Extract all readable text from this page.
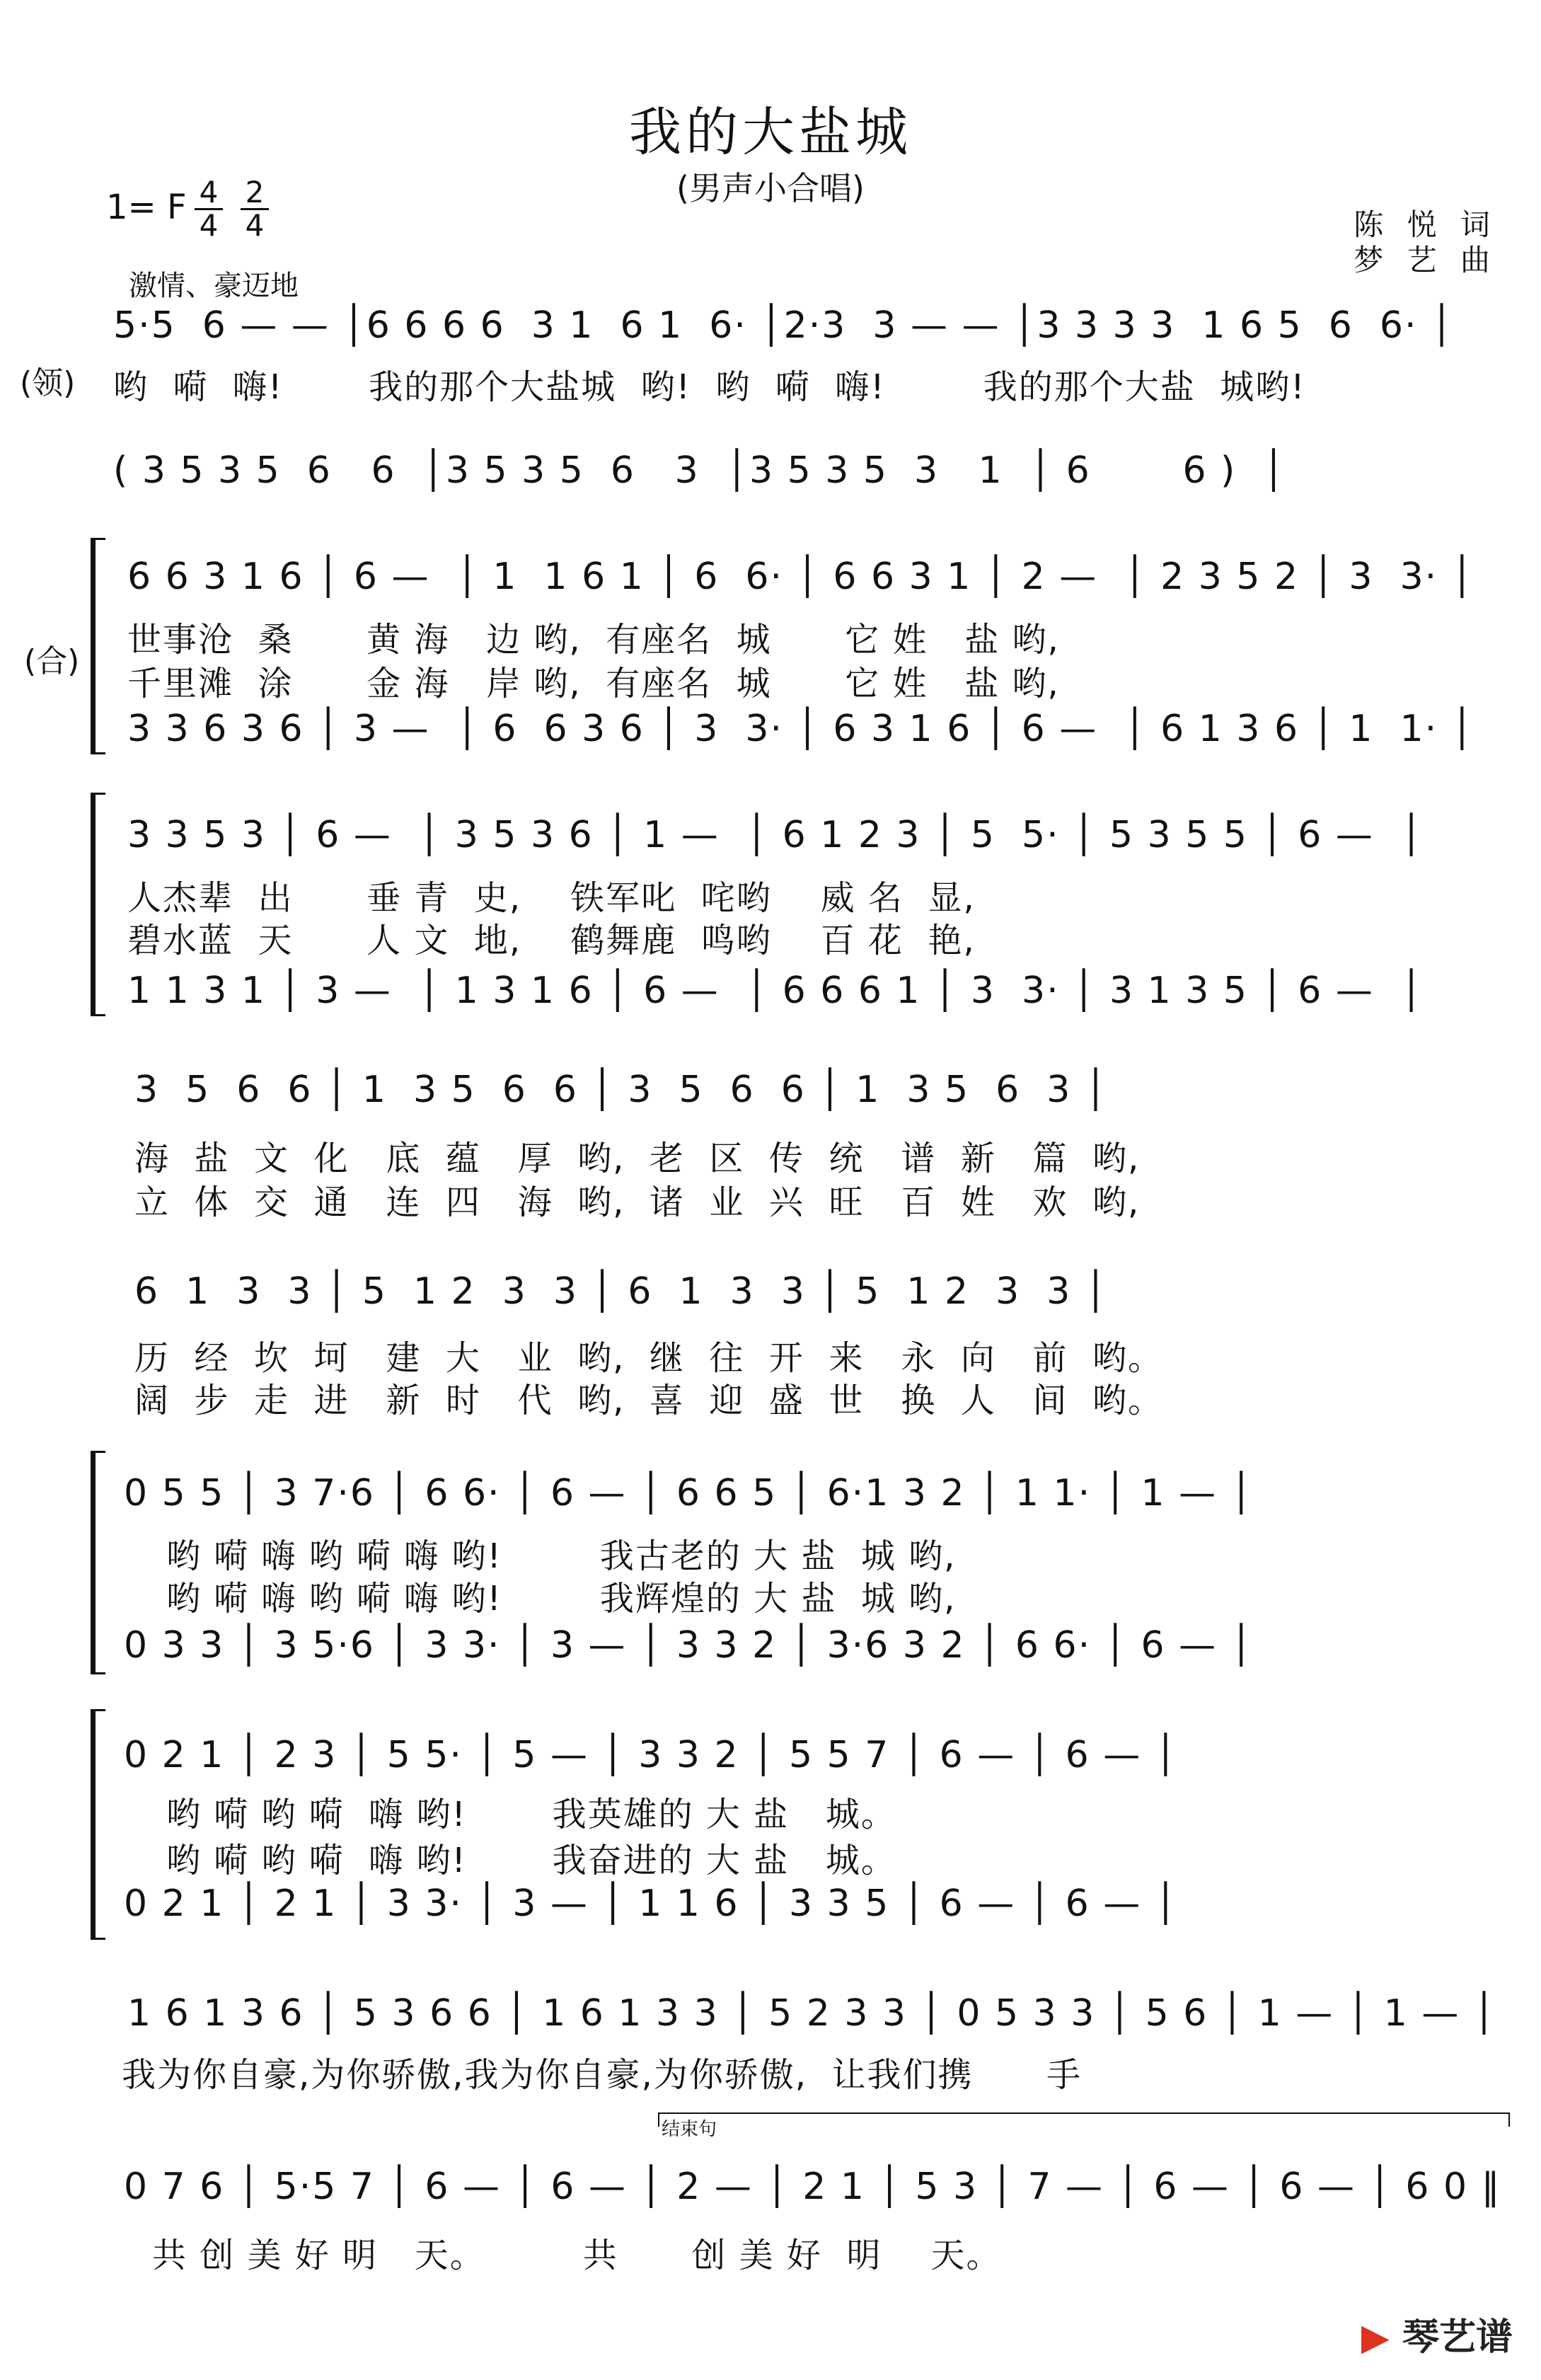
我的大盐城
(男声小合唱)
1= F 4
4
2
4	陈 悦 词
梦 艺 曲
激情、豪迈地
(领)
(合)
5·5  6 — — │6 6 6 6  3 1  6 1  6· │2·3  3 — — │3 3 3 3  1 6 5  6  6· │
哟  嗬  嗨!       我的那个大盐城  哟!  哟  嗬  嗨!        我的那个大盐  城哟!
( 3 5 3 5  6   6  │3 5 3 5  6   3  │3 5 3 5  3   1  │ 6       6 )  │
6 6 3 1 6 │ 6 —  │ 1  1 6 1 │ 6  6· │ 6 6 3 1 │ 2 —  │ 2 3 5 2 │ 3  3· │
世事沧  桑      黄 海   边 哟,  有座名  城      它 姓   盐 哟,
千里滩  涂      金 海   岸 哟,  有座名  城      它 姓   盐 哟,
3 3 6 3 6 │ 3 —  │ 6  6 3 6 │ 3  3· │ 6 3 1 6 │ 6 —  │ 6 1 3 6 │ 1  1· │
3 3 5 3 │ 6 —  │ 3 5 3 6 │ 1 —  │ 6 1 2 3 │ 5  5· │ 5 3 5 5 │ 6 —  │
人杰辈  出      垂 青  史,    铁军叱  咤哟    威 名  显,
碧水蓝  天      人 文  地,    鹤舞鹿  鸣哟    百 花  艳,
1 1 3 1 │ 3 —  │ 1 3 1 6 │ 6 —  │ 6 6 6 1 │ 3  3· │ 3 1 3 5 │ 6 —  │
3  5  6  6 │ 1  3 5  6  6 │ 3  5  6  6 │ 1  3 5  6  3 │
海  盐  文  化   底  蕴   厚  哟,  老  区  传  统   谱  新   篇  哟,
立  体  交  通   连  四   海  哟,  诸  业  兴  旺   百  姓   欢  哟,
6  1  3  3 │ 5  1 2  3  3 │ 6  1  3  3 │ 5  1 2  3  3 │
历  经  坎  坷   建  大   业  哟,  继  往  开  来   永  向   前  哟。
阔  步  走  进   新  时   代  哟,  喜  迎  盛  世   换  人   间  哟。
0 5 5 │ 3 7·6 │ 6 6· │ 6 — │ 6 6 5 │ 6·1 3 2 │ 1 1· │ 1 — │
哟 嗬 嗨 哟 嗬 嗨 哟!        我古老的 大 盐  城 哟,
哟 嗬 嗨 哟 嗬 嗨 哟!        我辉煌的 大 盐  城 哟,
0 3 3 │ 3 5·6 │ 3 3· │ 3 — │ 3 3 2 │ 3·6 3 2 │ 6 6· │ 6 — │
0 2 1 │ 2 3 │ 5 5· │ 5 — │ 3 3 2 │ 5 5 7 │ 6 — │ 6 — │
哟 嗬 哟 嗬  嗨 哟!       我英雄的 大 盐   城。
哟 嗬 哟 嗬  嗨 哟!       我奋进的 大 盐   城。
0 2 1 │ 2 1 │ 3 3· │ 3 — │ 1 1 6 │ 3 3 5 │ 6 — │ 6 — │
1 6 1 3 6 │ 5 3 6 6 │ 1 6 1 3 3 │ 5 2 3 3 │ 0 5 3 3 │ 5 6 │ 1 — │ 1 — │
我为你自豪,为你骄傲,我为你自豪,为你骄傲,  让我们携      手
结束句
0 7 6 │ 5·5 7 │ 6 — │ 6 — │ 2 — │ 2 1 │ 5 3 │ 7 — │ 6 — │ 6 — │ 6 0 ‖
共 创 美 好 明   天。        共      创 美 好  明    天。
▶ 琴艺谱
